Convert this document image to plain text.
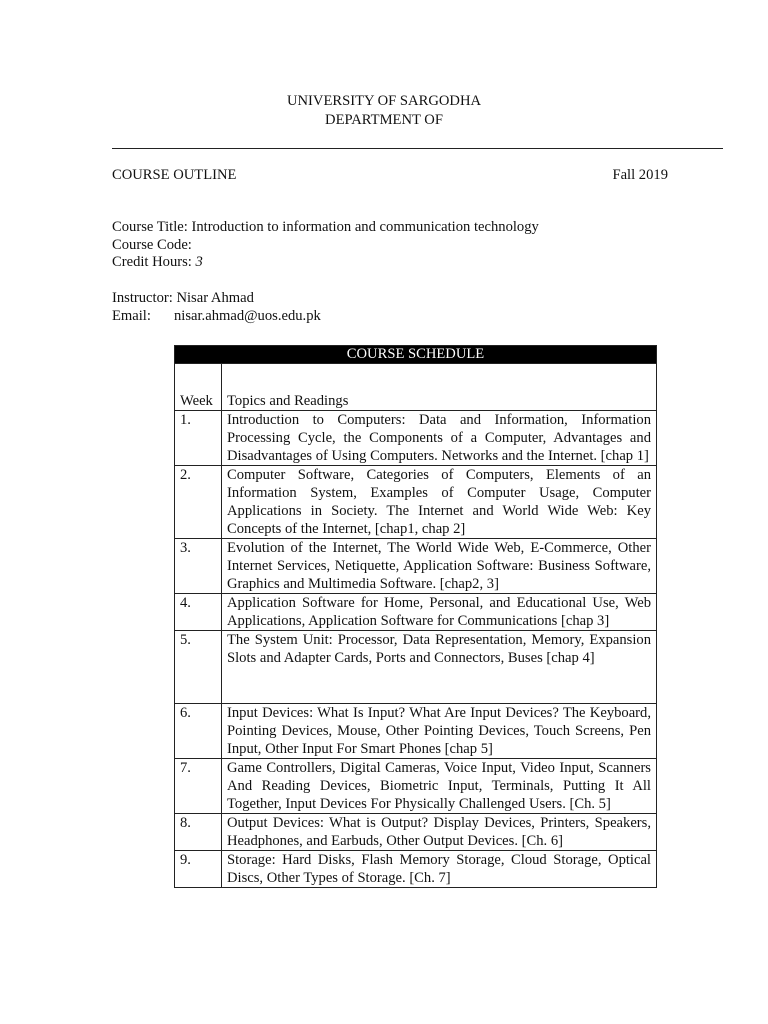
UNIVERSITY OF SARGODHA
DEPARTMENT OF
COURSE OUTLINE	Fall 2019
Course Title: Introduction to information and communication technology
Course Code:
Credit Hours: 3
Instructor: Nisar Ahmad
Email: nisar.ahmad@uos.edu.pk
COURSE SCHEDULE	
Week	Topics and Readings
1.	Introduction to Computers: Data and Information, Information Processing Cycle, the Components of a Computer, Advantages and Disadvantages of Using Computers. Networks and the Internet. [chap 1]
2.	Computer Software, Categories of Computers, Elements of an Information System, Examples of Computer Usage, Computer Applications in Society. The Internet and World Wide Web: Key Concepts of the Internet, [chap1, chap 2]
3.	Evolution of the Internet, The World Wide Web, E-Commerce, Other Internet Services, Netiquette, Application Software: Business Software, Graphics and Multimedia Software. [chap2, 3]
4.	Application Software for Home, Personal, and Educational Use, Web Applications, Application Software for Communications [chap 3]
5.	The System Unit: Processor, Data Representation, Memory, Expansion Slots and Adapter Cards, Ports and Connectors, Buses [chap 4]
6.	Input Devices: What Is Input? What Are Input Devices? The Keyboard, Pointing Devices, Mouse, Other Pointing Devices, Touch Screens, Pen Input, Other Input For Smart Phones [chap 5]
7.	Game Controllers, Digital Cameras, Voice Input, Video Input, Scanners And Reading Devices, Biometric Input, Terminals, Putting It All Together, Input Devices For Physically Challenged Users. [Ch. 5]
8.	Output Devices: What is Output? Display Devices, Printers, Speakers, Headphones, and Earbuds, Other Output Devices. [Ch. 6]
9.	Storage: Hard Disks, Flash Memory Storage, Cloud Storage, Optical Discs, Other Types of Storage. [Ch. 7]
